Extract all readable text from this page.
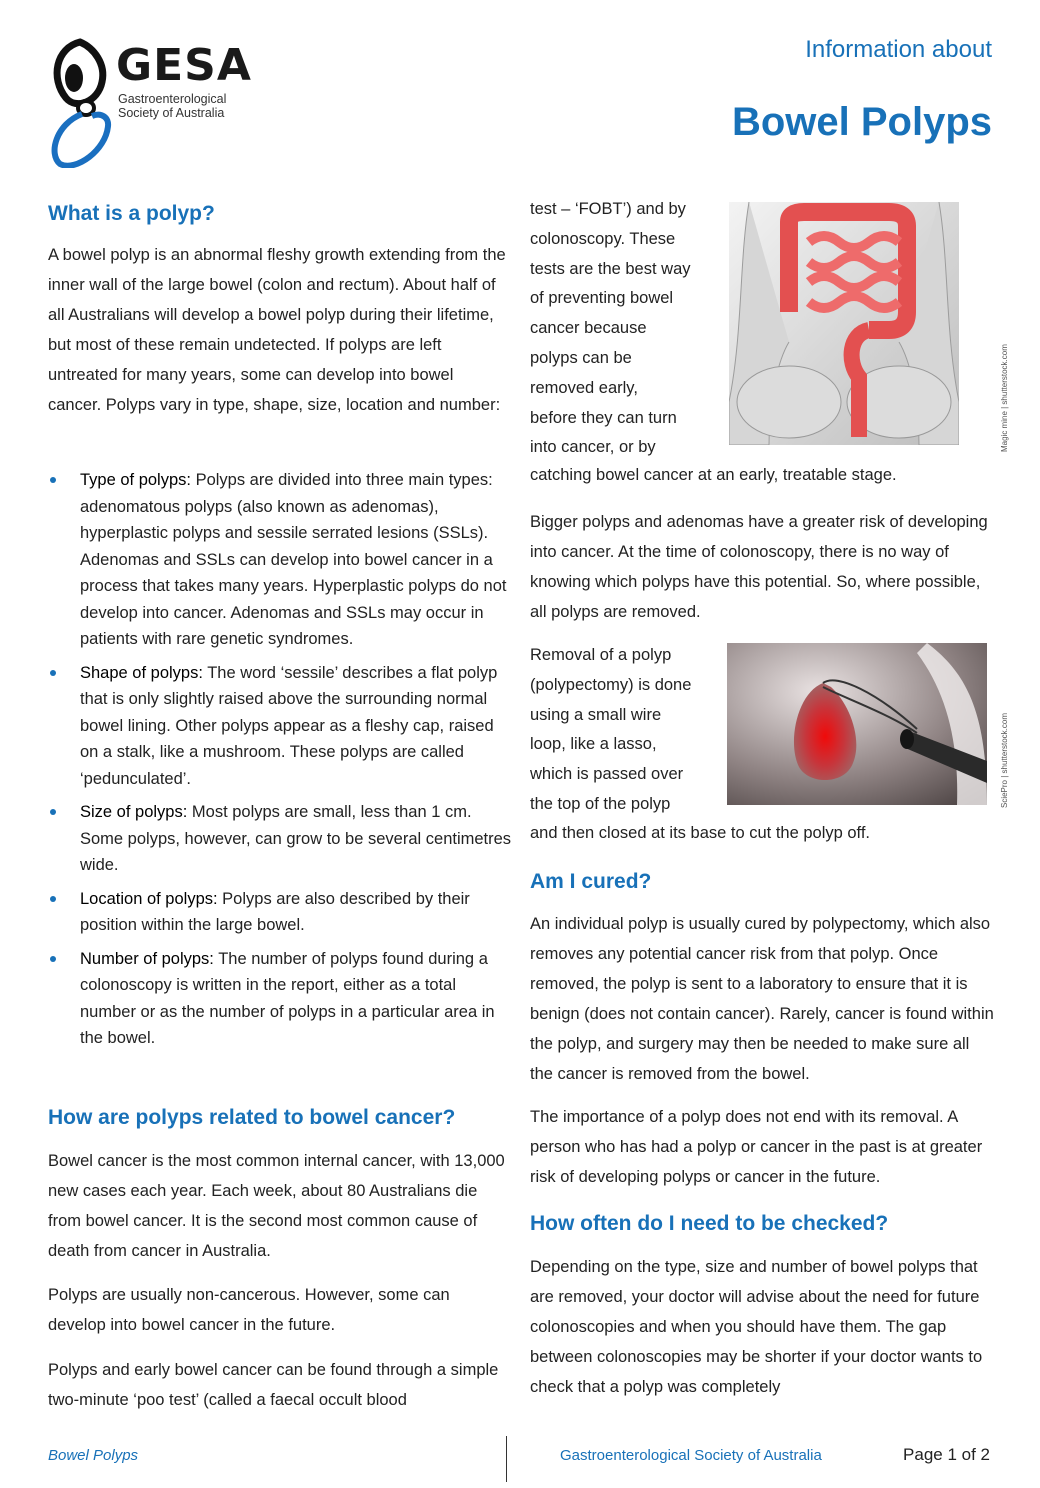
GESA
Gastroenterological
Society of Australia
Information about
Bowel Polyps
What is a polyp?

A bowel polyp is an abnormal fleshy growth extending from the inner wall of the large bowel (colon and rectum). About half of all Australians will develop a bowel polyp during their lifetime, but most of these remain undetected. If polyps are left untreated for many years, some can develop into bowel cancer. Polyps vary in type, shape, size, location and number:

Type of polyps: Polyps are divided into three main types: adenomatous polyps (also known as adenomas), hyperplastic polyps and sessile serrated lesions (SSLs). Adenomas and SSLs can develop into bowel cancer in a process that takes many years. Hyperplastic polyps do not develop into cancer. Adenomas and SSLs may occur in patients with rare genetic syndromes.
Shape of polyps: The word ‘sessile’ describes a flat polyp that is only slightly raised above the surrounding normal bowel lining. Other polyps appear as a fleshy cap, raised on a stalk, like a mushroom. These polyps are called ‘pedunculated’.
Size of polyps: Most polyps are small, less than 1 cm. Some polyps, however, can grow to be several centimetres wide.
Location of polyps: Polyps are also described by their position within the large bowel.
Number of polyps: The number of polyps found during a colonoscopy is written in the report, either as a total number or as the number of polyps in a particular area in the bowel.
How are polyps related to bowel cancer?

Bowel cancer is the most common internal cancer, with 13,000 new cases each year. Each week, about 80 Australians die from bowel cancer. It is the second most common cause of death from cancer in Australia.

Polyps are usually non-cancerous. However, some can develop into bowel cancer in the future.

Polyps and early bowel cancer can be found through a simple two-minute ‘poo test’ (called a faecal occult blood

test – ‘FOBT’) and by
colonoscopy. These
tests are the best way
of preventing bowel
cancer because
polyps can be
removed early,
before they can turn
into cancer, or by
catching bowel cancer at an early, treatable stage.
Magic mine | shutterstock.com

Bigger polyps and adenomas have a greater risk of developing into cancer. At the time of colonoscopy, there is no way of knowing which polyps have this potential. So, where possible, all polyps are removed.

Removal of a polyp
(polypectomy) is done
using a small wire
loop, like a lasso,
which is passed over
the top of the polyp
and then closed at its base to cut the polyp off.
SciePro | shutterstock.com
Am I cured?

An individual polyp is usually cured by polypectomy, which also removes any potential cancer risk from that polyp. Once removed, the polyp is sent to a laboratory to ensure that it is benign (does not contain cancer). Rarely, cancer is found within the polyp, and surgery may then be needed to make sure all the cancer is removed from the bowel.

The importance of a polyp does not end with its removal. A person who has had a polyp or cancer in the past is at greater risk of developing polyps or cancer in the future.

How often do I need to be checked?

Depending on the type, size and number of bowel polyps that are removed, your doctor will advise about the need for future colonoscopies and when you should have them. The gap between colonoscopies may be shorter if your doctor wants to check that a polyp was completely

Bowel Polyps	Gastroenterological Society of Australia	Page 1 of 2
